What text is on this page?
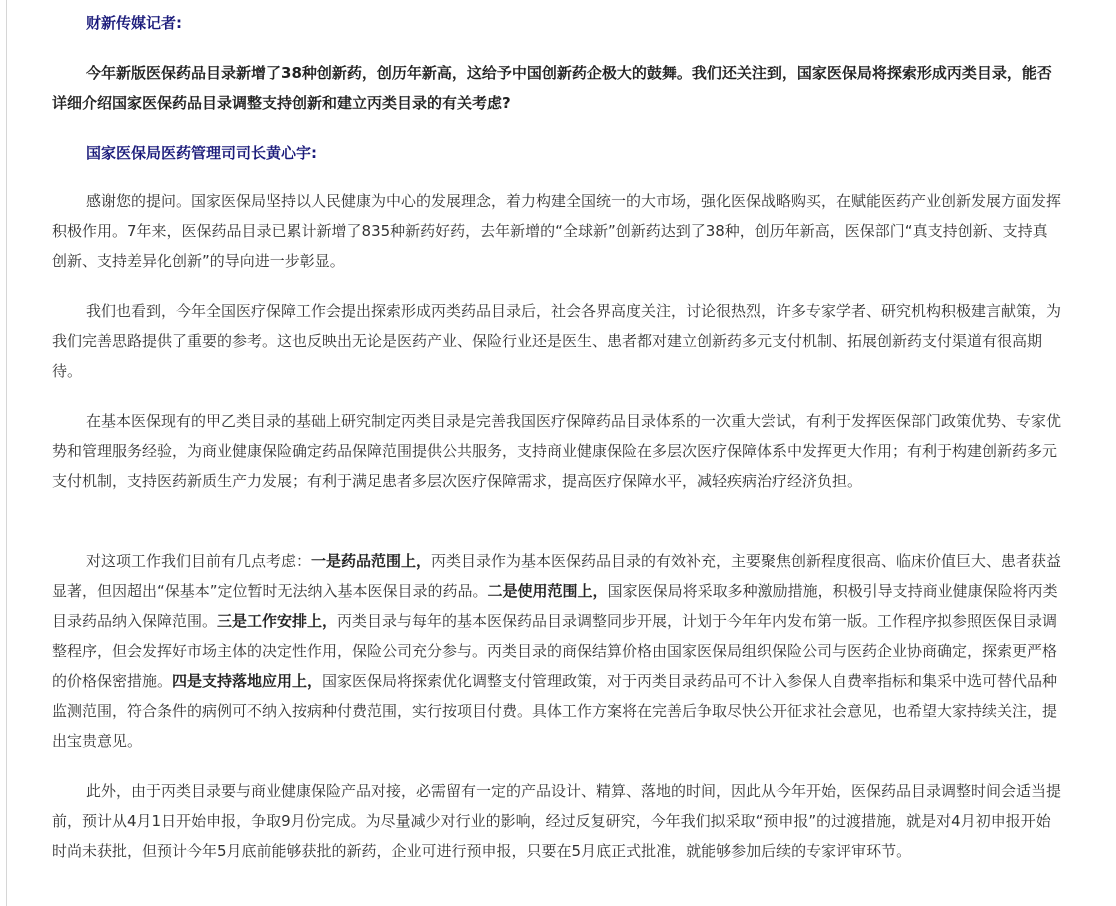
财新传媒记者:

今年新版医保药品目录新增了38种创新药，创历年新高，这给予中国创新药企极大的鼓舞。我们还关注到，国家医保局将探索形成丙类目录，能否详细介绍国家医保药品目录调整支持创新和建立丙类目录的有关考虑?

国家医保局医药管理司司长黄心宇:

感谢您的提问。国家医保局坚持以人民健康为中心的发展理念，着力构建全国统一的大市场，强化医保战略购买，在赋能医药产业创新发展方面发挥积极作用。7年来，医保药品目录已累计新增了835种新药好药，去年新增的“全球新”创新药达到了38种，创历年新高，医保部门“真支持创新、支持真创新、支持差异化创新”的导向进一步彰显。

我们也看到，今年全国医疗保障工作会提出探索形成丙类药品目录后，社会各界高度关注，讨论很热烈，许多专家学者、研究机构积极建言献策，为我们完善思路提供了重要的参考。这也反映出无论是医药产业、保险行业还是医生、患者都对建立创新药多元支付机制、拓展创新药支付渠道有很高期待。

在基本医保现有的甲乙类目录的基础上研究制定丙类目录是完善我国医疗保障药品目录体系的一次重大尝试，有利于发挥医保部门政策优势、专家优势和管理服务经验，为商业健康保险确定药品保障范围提供公共服务，支持商业健康保险在多层次医疗保障体系中发挥更大作用；有利于构建创新药多元支付机制，支持医药新质生产力发展；有利于满足患者多层次医疗保障需求，提高医疗保障水平，减轻疾病治疗经济负担。

对这项工作我们目前有几点考虑：一是药品范围上，丙类目录作为基本医保药品目录的有效补充，主要聚焦创新程度很高、临床价值巨大、患者获益显著，但因超出“保基本”定位暂时无法纳入基本医保目录的药品。二是使用范围上，国家医保局将采取多种激励措施，积极引导支持商业健康保险将丙类目录药品纳入保障范围。三是工作安排上，丙类目录与每年的基本医保药品目录调整同步开展，计划于今年年内发布第一版。工作程序拟参照医保目录调整程序，但会发挥好市场主体的决定性作用，保险公司充分参与。丙类目录的商保结算价格由国家医保局组织保险公司与医药企业协商确定，探索更严格的价格保密措施。四是支持落地应用上，国家医保局将探索优化调整支付管理政策，对于丙类目录药品可不计入参保人自费率指标和集采中选可替代品种监测范围，符合条件的病例可不纳入按病种付费范围，实行按项目付费。具体工作方案将在完善后争取尽快公开征求社会意见，也希望大家持续关注，提出宝贵意见。

此外，由于丙类目录要与商业健康保险产品对接，必需留有一定的产品设计、精算、落地的时间，因此从今年开始，医保药品目录调整时间会适当提前，预计从4月1日开始申报，争取9月份完成。为尽量减少对行业的影响，经过反复研究，今年我们拟采取“预申报”的过渡措施，就是对4月初申报开始时尚未获批，但预计今年5月底前能够获批的新药，企业可进行预申报，只要在5月底正式批准，就能够参加后续的专家评审环节。
